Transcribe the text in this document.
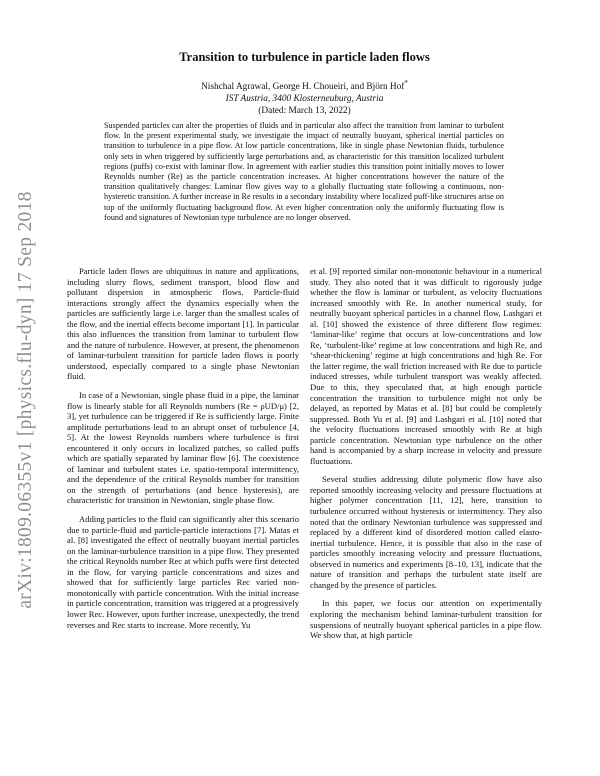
arXiv:1809.06355v1 [physics.flu-dyn] 17 Sep 2018
Transition to turbulence in particle laden flows
Nishchal Agrawal, George H. Choueiri, and Björn Hof*
IST Austria, 3400 Klosterneuburg, Austria
(Dated: March 13, 2022)
Suspended particles can alter the properties of fluids and in particular also affect the transition from laminar to turbulent flow. In the present experimental study, we investigate the impact of neutrally buoyant, spherical inertial particles on transition to turbulence in a pipe flow. At low particle concentrations, like in single phase Newtonian fluids, turbulence only sets in when triggered by sufficiently large perturbations and, as characteristic for this transition localized turbulent regions (puffs) co-exist with laminar flow. In agreement with earlier studies this transition point initially moves to lower Reynolds number (Re) as the particle concentration increases. At higher concentrations however the nature of the transition qualitatively changes: Laminar flow gives way to a globally fluctuating state following a continuous, non-hysteretic transition. A further increase in Re results in a secondary instability where localized puff-like structures arise on top of the uniformly fluctuating background flow. At even higher concentration only the uniformly fluctuating flow is found and signatures of Newtonian type turbulence are no longer observed.

Particle laden flows are ubiquitous in nature and applications, including slurry flows, sediment transport, blood flow and pollutant dispersion in atmospheric flows. Particle-fluid interactions strongly affect the dynamics especially when the particles are sufficiently large i.e. larger than the smallest scales of the flow, and the inertial effects become important [1]. In particular this also influences the transition from laminar to turbulent flow and the nature of turbulence. However, at present, the phenomenon of laminar-turbulent transition for particle laden flows is poorly understood, especially compared to a single phase Newtonian fluid.

In case of a Newtonian, single phase fluid in a pipe, the laminar flow is linearly stable for all Reynolds numbers (Re = ρUD/μ) [2, 3], yet turbulence can be triggered if Re is sufficiently large. Finite amplitude perturbations lead to an abrupt onset of turbulence [4, 5]. At the lowest Reynolds numbers where turbulence is first encountered it only occurs in localized patches, so called puffs which are spatially separated by laminar flow [6]. The coexistence of laminar and turbulent states i.e. spatio-temporal intermittency, and the dependence of the critical Reynolds number for transition on the strength of perturbations (and hence hysteresis), are characteristic for transition in Newtonian, single phase flow.

Adding particles to the fluid can significantly alter this scenario due to particle-fluid and particle-particle interactions [7]. Matas et al. [8] investigated the effect of neutrally buoyant inertial particles on the laminar-turbulence transition in a pipe flow. They presented the critical Reynolds number Rec at which puffs were first detected in the flow, for varying particle concentrations and sizes and showed that for sufficiently large particles Rec varied non-monotonically with particle concentration. With the initial increase in particle concentration, transition was triggered at a progressively lower Rec. However, upon further increase, unexpectedly, the trend reverses and Rec starts to increase. More recently, Yu

et al. [9] reported similar non-monotonic behaviour in a numerical study. They also noted that it was difficult to rigorously judge whether the flow is laminar or turbulent, as velocity fluctuations increased smoothly with Re. In another numerical study, for neutrally buoyant spherical particles in a channel flow, Lashgari et al. [10] showed the existence of three different flow regimes: ‘laminar-like’ regime that occurs at low-concentrations and low Re, ‘turbulent-like’ regime at low concentrations and high Re, and ‘shear-thickening’ regime at high concentrations and high Re. For the latter regime, the wall friction increased with Re due to particle induced stresses, while turbulent transport was weakly affected. Due to this, they speculated that, at high enough particle concentration the transition to turbulence might not only be delayed, as reported by Matas et al. [8] but could be completely suppressed. Both Yu et al. [9] and Lashgari et al. [10] noted that the velocity fluctuations increased smoothly with Re at high particle concentration. Newtonian type turbulence on the other hand is accompanied by a sharp increase in velocity and pressure fluctuations.

Several studies addressing dilute polymeric flow have also reported smoothly increasing velocity and pressure fluctuations at higher polymer concentration [11, 12], here, transition to turbulence occurred without hysteresis or intermittency. They also noted that the ordinary Newtonian turbulence was suppressed and replaced by a different kind of disordered motion called elasto-inertial turbulence. Hence, it is possible that also in the case of particles smoothly increasing velocity and pressure fluctuations, observed in numerics and experiments [8–10, 13], indicate that the nature of transition and perhaps the turbulent state itself are changed by the presence of particles.

In this paper, we focus our attention on experimentally exploring the mechanism behind laminar-turbulent transition for suspensions of neutrally buoyant spherical particles in a pipe flow. We show that, at high particle
